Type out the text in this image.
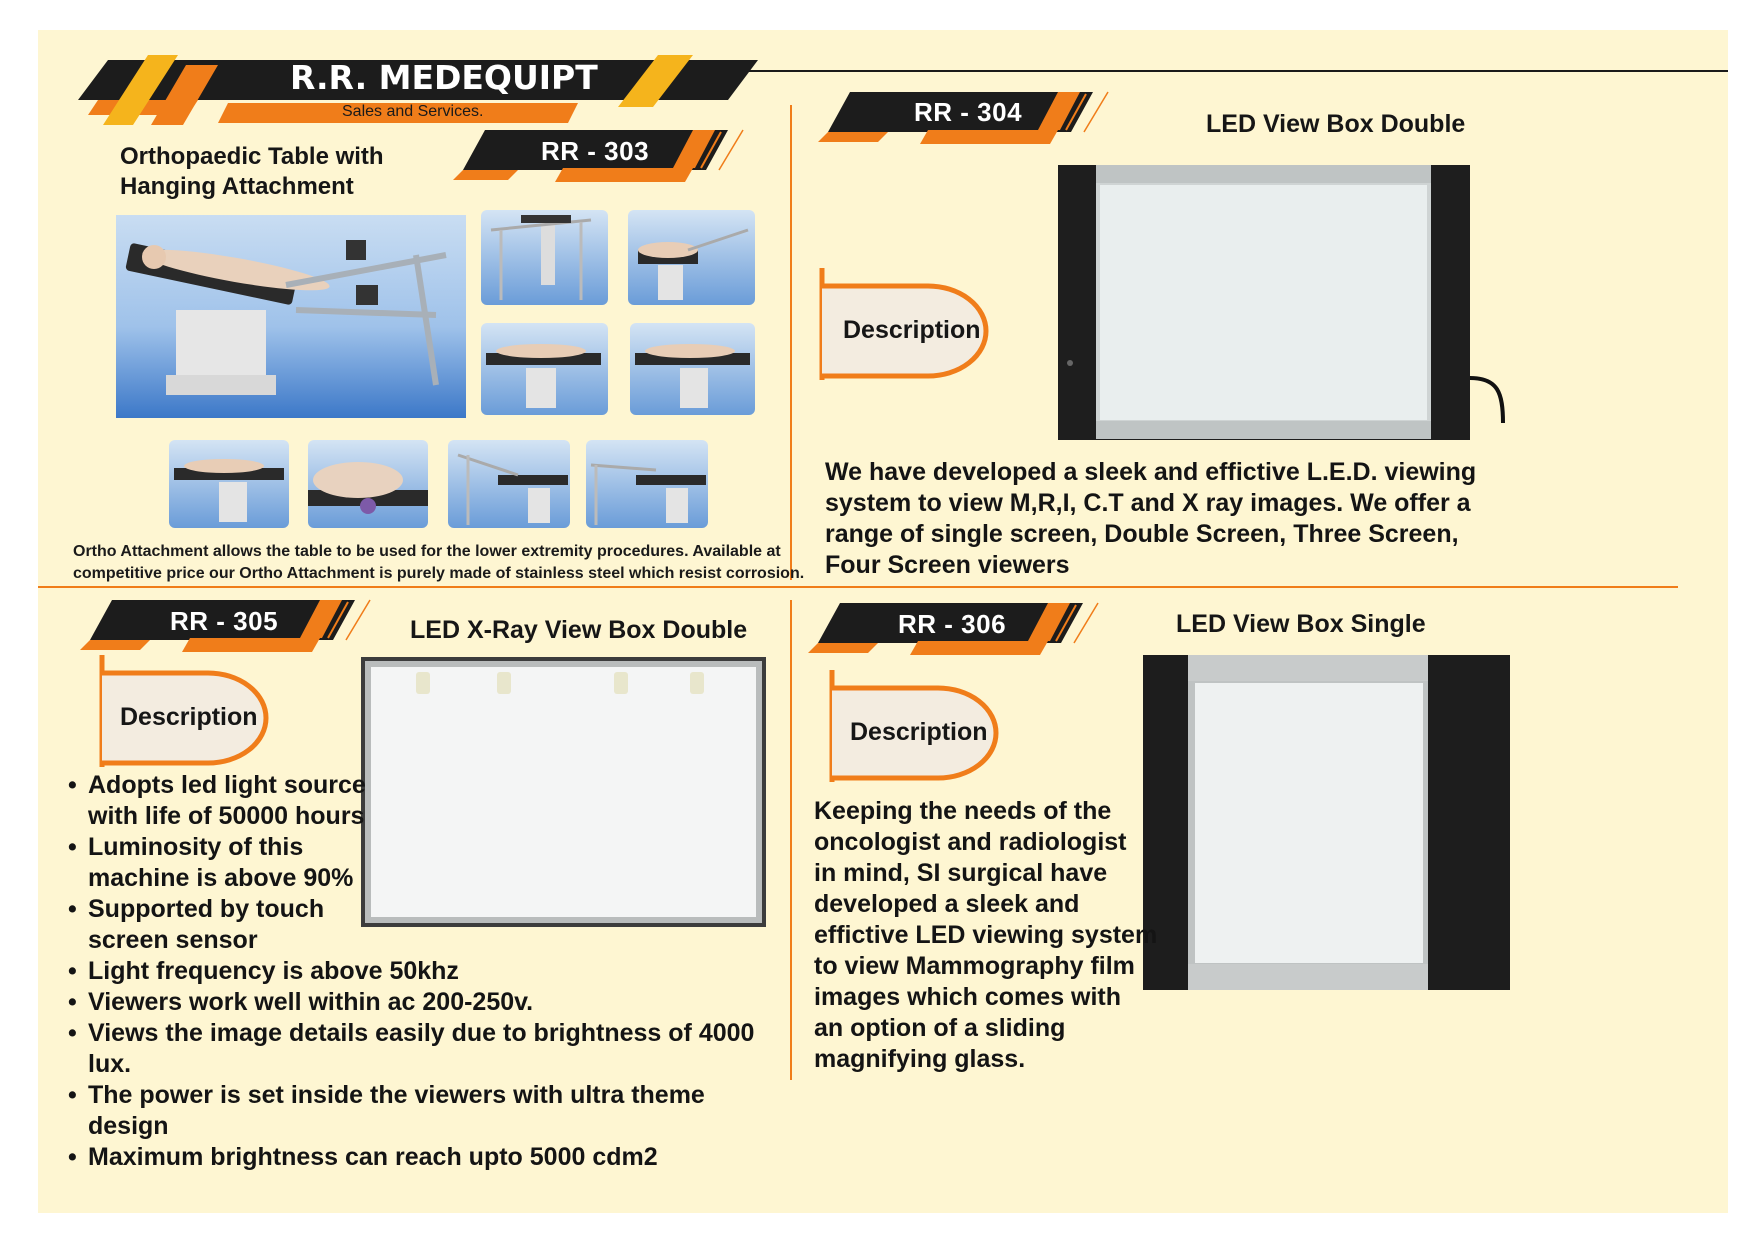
R.R. MEDEQUIPT
Sales and Services.
Orthopaedic Table with
Hanging Attachment
RR - 303

Ortho Attachment allows the table to be used for the lower extremity procedures. Available at

competitive price our Ortho Attachment is purely made of stainless steel which resist corrosion.

RR - 304	LED View Box Double
Description

We have developed a sleek and effictive L.E.D. viewing

system to view M,R,I, C.T and X ray images. We offer a

range of single screen, Double Screen, Three Screen,

Four Screen viewers

RR - 305	LED X-Ray View Box Double
Description
• Adopts led light source
with life of 50000 hours
• Luminosity of this
machine is above 90%
• Supported by touch
screen sensor
• Light frequency is above 50khz
• Viewers work well within ac 200-250v.
• Views the image details easily due to brightness of 4000 lux.
• The power is set inside the viewers with ultra theme design
• Maximum brightness can reach upto 5000 cdm2
RR - 306	LED View Box Single
Description

Keeping the needs of the

oncologist and radiologist

in mind, SI surgical have

developed a sleek and

effictive LED viewing system

to view Mammography film

images which comes with

an option of a sliding

magnifying glass.
